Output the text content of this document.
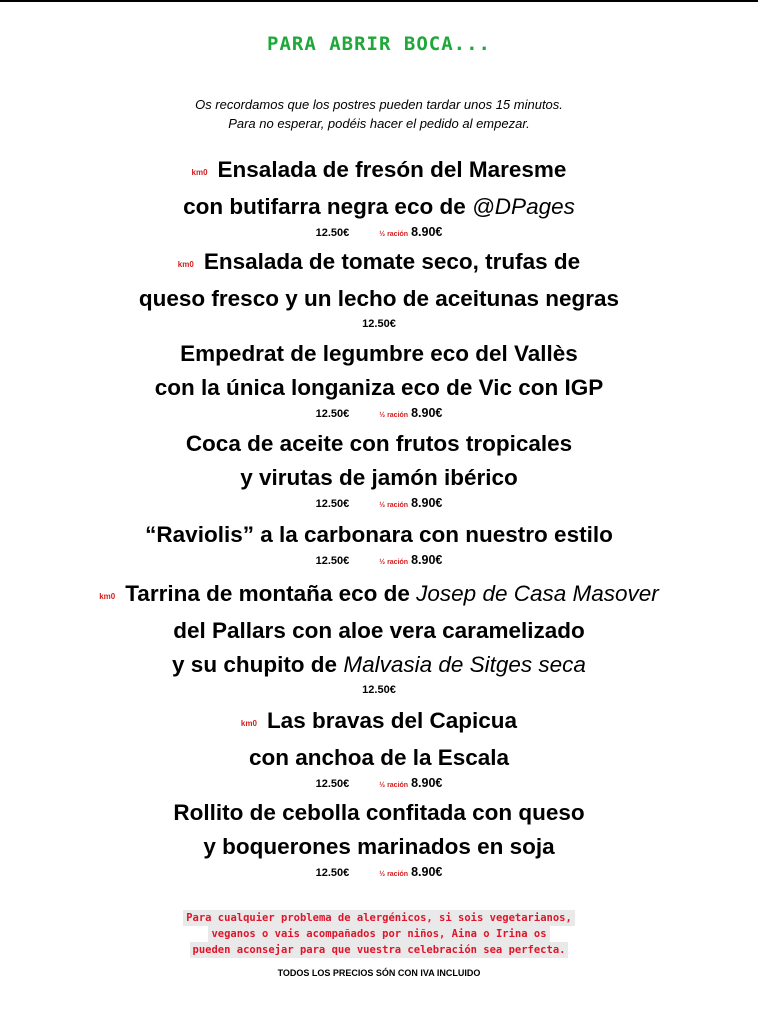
PARA ABRIR BOCA...
Os recordamos que los postres pueden tardar unos 15 minutos.
Para no esperar, podéis hacer el pedido al empezar.
km0 Ensalada de fresón del Maresme
con butifarra negra eco de @DPages
12.50€	½ ración 8.90€
km0 Ensalada de tomate seco, trufas de
queso fresco y un lecho de aceitunas negras
12.50€
Empedrat de legumbre eco del Vallès
con la única longaniza eco de Vic con IGP
12.50€	½ ración 8.90€
Coca de aceite con frutos tropicales
y virutas de jamón ibérico
12.50€	½ ración 8.90€
“Raviolis” a la carbonara con nuestro estilo
12.50€	½ ración 8.90€
km0 Tarrina de montaña eco de Josep de Casa Masover
del Pallars con aloe vera caramelizado
y su chupito de Malvasia de Sitges seca
12.50€
km0 Las bravas del Capicua
con anchoa de la Escala
12.50€	½ ración 8.90€
Rollito de cebolla confitada con queso
y boquerones marinados en soja
12.50€	½ ración 8.90€
Para cualquier problema de alergénicos, si sois vegetarianos,
veganos o vais acompañados por niños, Aina o Irina os
pueden aconsejar para que vuestra celebración sea perfecta.
TODOS LOS PRECIOS SÓN CON IVA INCLUIDO
